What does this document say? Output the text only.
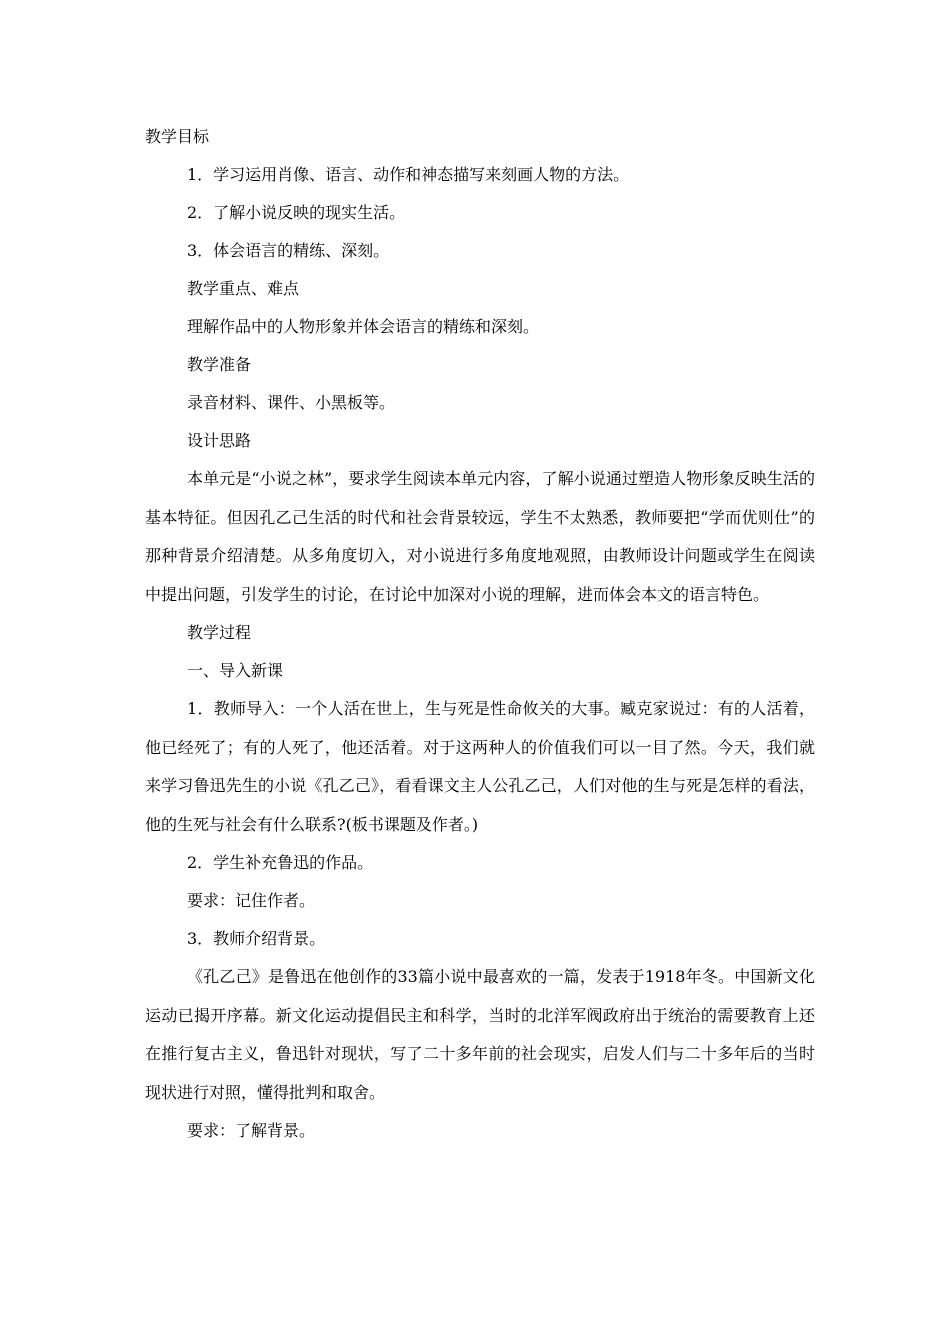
教学目标
1．学习运用肖像、语言、动作和神态描写来刻画人物的方法。
2．了解小说反映的现实生活。
3．体会语言的精练、深刻。
教学重点、难点
理解作品中的人物形象并体会语言的精练和深刻。
教学准备
录音材料、课件、小黑板等。
设计思路
本单元是“小说之林”，要求学生阅读本单元内容，了解小说通过塑造人物形象反映生活的基本特征。但因孔乙己生活的时代和社会背景较远，学生不太熟悉，教师要把“学而优则仕”的那种背景介绍清楚。从多角度切入，对小说进行多角度地观照，由教师设计问题或学生在阅读中提出问题，引发学生的讨论，在讨论中加深对小说的理解，进而体会本文的语言特色。
教学过程
一、导入新课
1．教师导入：一个人活在世上，生与死是性命攸关的大事。臧克家说过：有的人活着，他已经死了；有的人死了，他还活着。对于这两种人的价值我们可以一目了然。今天，我们就来学习鲁迅先生的小说《孔乙己》，看看课文主人公孔乙己，人们对他的生与死是怎样的看法，他的生死与社会有什么联系?(板书课题及作者。)
2．学生补充鲁迅的作品。
要求：记住作者。
3．教师介绍背景。
《孔乙己》是鲁迅在他创作的33篇小说中最喜欢的一篇，发表于1918年冬。中国新文化运动已揭开序幕。新文化运动提倡民主和科学，当时的北洋军阀政府出于统治的需要教育上还在推行复古主义，鲁迅针对现状，写了二十多年前的社会现实，启发人们与二十多年后的当时现状进行对照，懂得批判和取舍。
要求：了解背景。
